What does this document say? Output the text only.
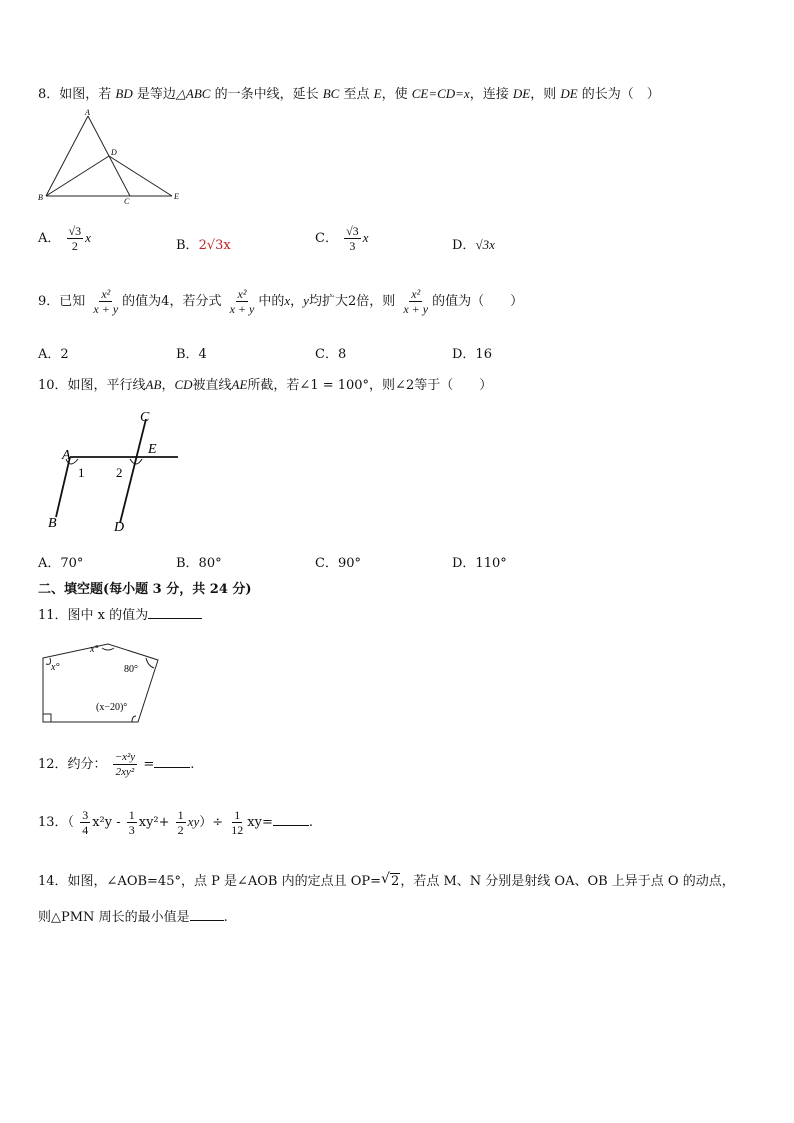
8．如图，若 BD 是等边△ABC 的一条中线，延长 BC 至点 E，使 CE=CD=x，连接 DE，则 DE 的长为（　）
A
B	C
D
E
A． $\frac{√3}{2}$ x
B．2√3x	C． $\frac{√3}{3}$ x
D．√3x
9．已知 $\frac{\text{x²}}{x + y}$ 的值为4，若分式 $\frac{\text{x²}}{x + y}$ 中的x，y均扩大2倍，则 $\frac{\text{x²}}{x + y}$ 的值为（　　）
A．2	B．4	C．8	D．16
10．如图，平行线AB，CD被直线AE所截，若∠1 = 100°，则∠2等于（　　）
A
B
C
D
E
1 2
A．70°	B．80°	C．90°	D．110°
二、填空题(每小题 3 分，共 24 分)
11．图中 x 的值为
x°
x°	80°
(x−20)°
12．约分： $\frac{\text{−x²y}}{\text{2xy²}}$ =	.
13．（ $\frac{3}{4} x^2y - \frac{1}{3} xy^2+ \frac{1}{2} xy)\div \frac{1}{12} xy=$	.
14．如图，∠AOB=45°，点 P 是∠AOB 内的定点且 OP= √ 2，若点 M、N 分别是射线 OA、OB 上异于点 O 的动点，
则△PMN 周长的最小值是	.
